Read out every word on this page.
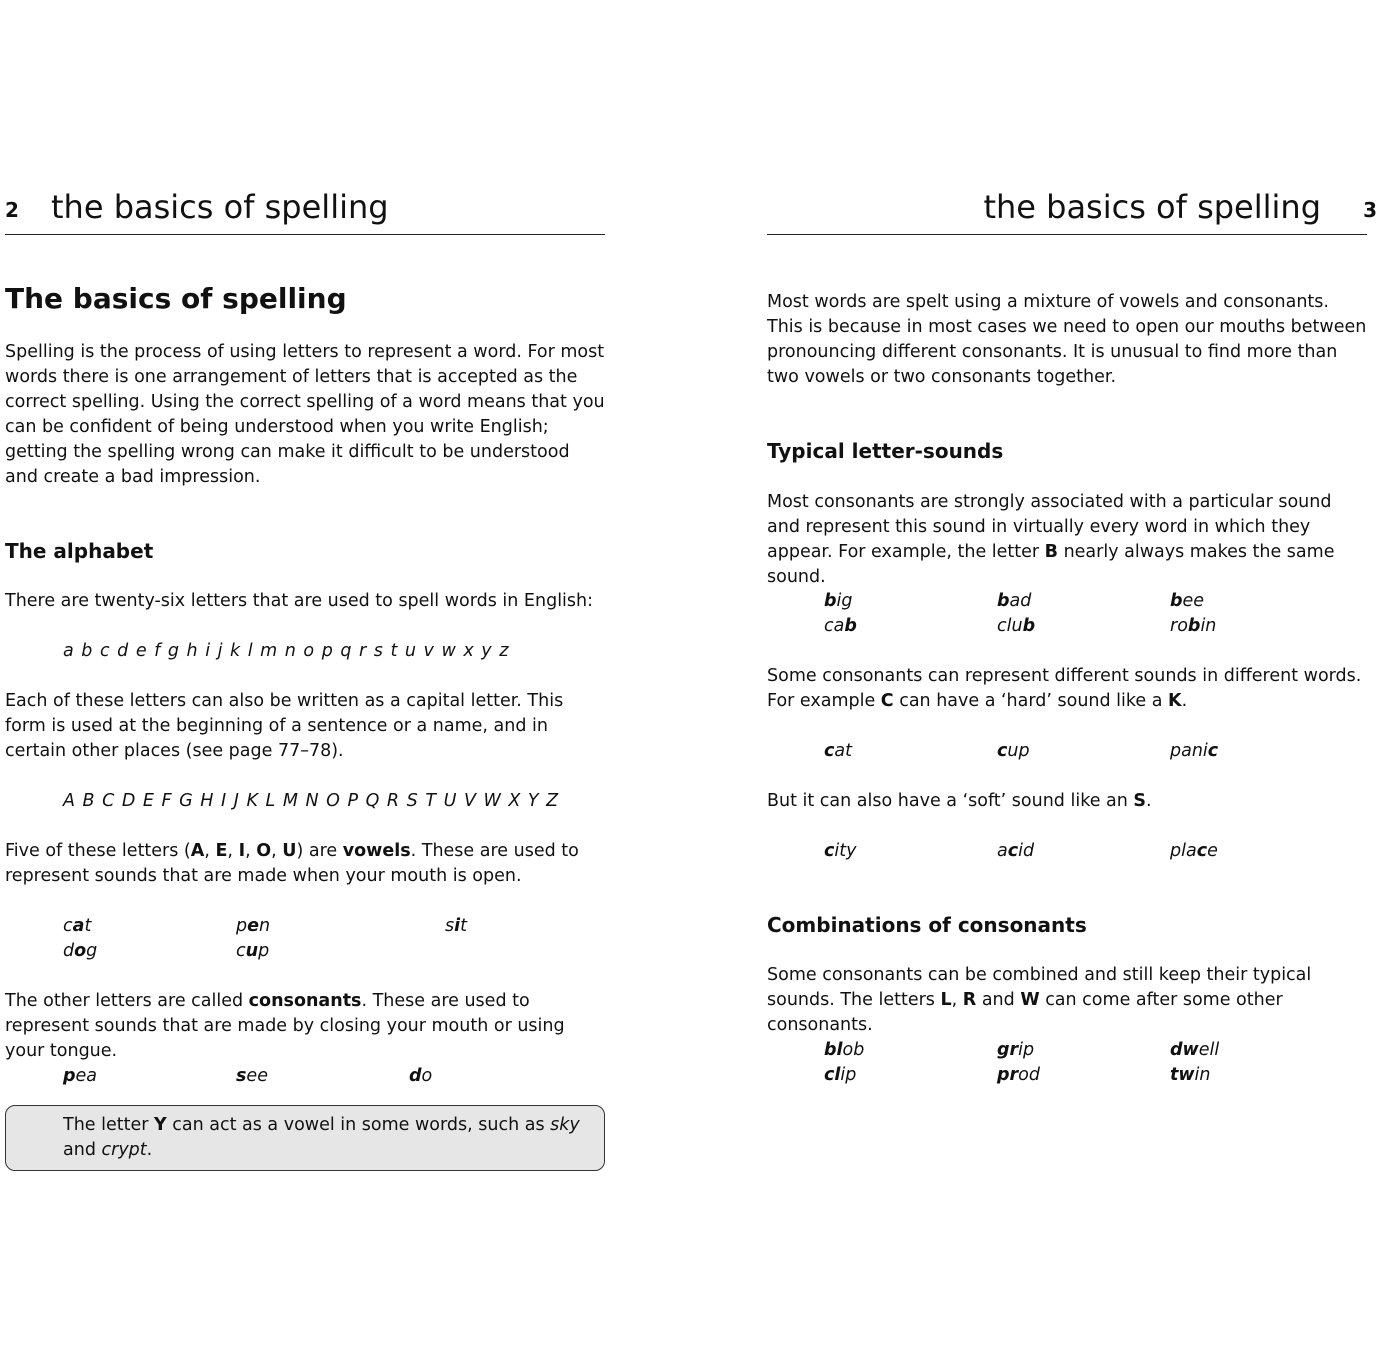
2 the basics of spelling
The basics of spelling

Spelling is the process of using letters to represent a word. For most words there is one arrangement of letters that is accepted as the correct spelling. Using the correct spelling of a word means that you can be confident of being understood when you write English; getting the spelling wrong can make it difficult to be understood and create a bad impression.

The alphabet

There are twenty-six letters that are used to spell words in English:

a b c d e f g h i j k l m n o p q r s t u v w x y z

Each of these letters can also be written as a capital letter. This form is used at the beginning of a sentence or a name, and in certain other places (see page 77–78).

A B C D E F G H I J K L M N O P Q R S T U V W X Y Z

Five of these letters (A, E, I, O, U) are vowels. These are used to represent sounds that are made when your mouth is open.

cat	pen	sit
dog	cup

The other letters are called consonants. These are used to represent sounds that are made by closing your mouth or using your tongue.

pea	see	do
The letter Y can act as a vowel in some words, such as sky and crypt.
the basics of spelling 3

Most words are spelt using a mixture of vowels and consonants. This is because in most cases we need to open our mouths between pronouncing different consonants. It is unusual to find more than two vowels or two consonants together.

Typical letter-sounds

Most consonants are strongly associated with a particular sound and represent this sound in virtually every word in which they appear. For example, the letter B nearly always makes the same sound.

big	bad	bee
cab	club	robin

Some consonants can represent different sounds in different words. For example C can have a ‘hard’ sound like a K.

cat	cup	panic

But it can also have a ‘soft’ sound like an S.

city	acid	place
Combinations of consonants

Some consonants can be combined and still keep their typical sounds. The letters L, R and W can come after some other consonants.

blob	grip	dwell
clip	prod	twin
